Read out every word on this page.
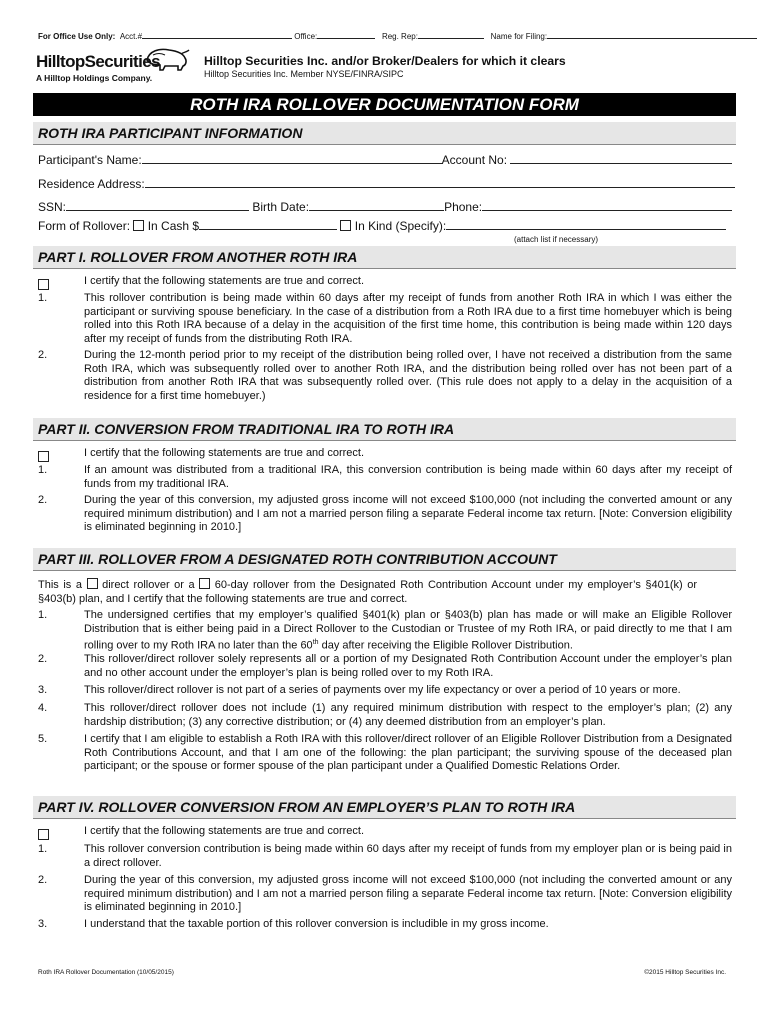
For Office Use Only: Acct.#	Office:	Reg. Rep:	Name for Filing:
HilltopSecurities
A Hilltop Holdings Company.
Hilltop Securities Inc. and/or Broker/Dealers for which it clears
Hilltop Securities Inc. Member NYSE/FINRA/SIPC
ROTH IRA ROLLOVER DOCUMENTATION FORM
ROTH IRA PARTICIPANT INFORMATION
Participant's Name:	Account No:
Residence Address:
SSN:	Birth Date:	Phone:
Form of Rollover: In Cash $	In Kind (Specify):
(attach list if necessary)
PART I. ROLLOVER FROM ANOTHER ROTH IRA
I certify that the following statements are true and correct.
1.	This rollover contribution is being made within 60 days after my receipt of funds from another Roth IRA in which I was either the participant or surviving spouse beneficiary. In the case of a distribution from a Roth IRA due to a first time homebuyer which is being rolled into this Roth IRA because of a delay in the acquisition of the first time home, this contribution is being made within 120 days after my receipt of funds from the distributing Roth IRA.
2.	During the 12-month period prior to my receipt of the distribution being rolled over, I have not received a distribution from the same Roth IRA, which was subsequently rolled over to another Roth IRA, and the distribution being rolled over has not been part of a distribution from another Roth IRA that was subsequently rolled over. (This rule does not apply to a delay in the acquisition of a residence for a first time homebuyer.)
PART II. CONVERSION FROM TRADITIONAL IRA TO ROTH IRA
I certify that the following statements are true and correct.
1.	If an amount was distributed from a traditional IRA, this conversion contribution is being made within 60 days after my receipt of funds from my traditional IRA.
2.	During the year of this conversion, my adjusted gross income will not exceed $100,000 (not including the converted amount or any required minimum distribution) and I am not a married person filing a separate Federal income tax return. [Note: Conversion eligibility is eliminated beginning in 2010.]
PART III. ROLLOVER FROM A DESIGNATED ROTH CONTRIBUTION ACCOUNT
This is a direct rollover or a 60-day rollover from the Designated Roth Contribution Account under my employer’s §401(k) or
§403(b) plan, and I certify that the following statements are true and correct.
1.	The undersigned certifies that my employer’s qualified §401(k) plan or §403(b) plan has made or will make an Eligible Rollover Distribution that is either being paid in a Direct Rollover to the Custodian or Trustee of my Roth IRA, or paid directly to me that I am rolling over to my Roth IRA no later than the 60th day after receiving the Eligible Rollover Distribution.
2.	This rollover/direct rollover solely represents all or a portion of my Designated Roth Contribution Account under the employer’s plan and no other account under the employer’s plan is being rolled over to my Roth IRA.
3.	This rollover/direct rollover is not part of a series of payments over my life expectancy or over a period of 10 years or more.
4.	This rollover/direct rollover does not include (1) any required minimum distribution with respect to the employer’s plan; (2) any hardship distribution; (3) any corrective distribution; or (4) any deemed distribution from an employer’s plan.
5.	I certify that I am eligible to establish a Roth IRA with this rollover/direct rollover of an Eligible Rollover Distribution from a Designated Roth Contributions Account, and that I am one of the following: the plan participant; the surviving spouse of the deceased plan participant; or the spouse or former spouse of the plan participant under a Qualified Domestic Relations Order.
PART IV. ROLLOVER CONVERSION FROM AN EMPLOYER’S PLAN TO ROTH IRA
I certify that the following statements are true and correct.
1.	This rollover conversion contribution is being made within 60 days after my receipt of funds from my employer plan or is being paid in a direct rollover.
2.	During the year of this conversion, my adjusted gross income will not exceed $100,000 (not including the converted amount or any required minimum distribution) and I am not a married person filing a separate Federal income tax return. [Note: Conversion eligibility is eliminated beginning in 2010.]
3.	I understand that the taxable portion of this rollover conversion is includible in my gross income.
Roth IRA Rollover Documentation (10/05/2015)	©2015 Hilltop Securities Inc.
